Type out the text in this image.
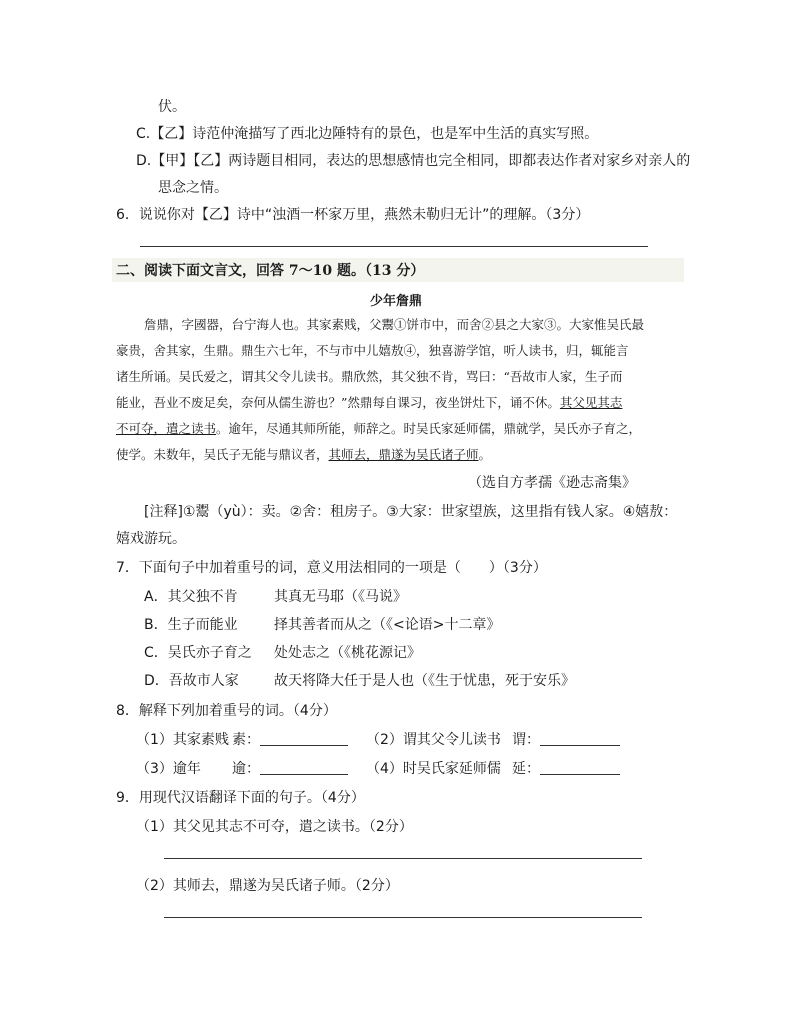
伏。
C.【乙】诗范仲淹描写了西北边陲特有的景色，也是军中生活的真实写照。
D.【甲】【乙】两诗题目相同，表达的思想感情也完全相同，即都表达作者对家乡对亲人的
思念之情。
6．说说你对【乙】诗中“浊酒一杯家万里，燕然未勒归无计”的理解。（3分）
二、阅读下面文言文，回答 7～10 题。（13 分）
少年詹鼎
詹鼎，字國器，台宁海人也。其家素贱，父鬻①饼市中，而舍②县之大家③。大家惟吴氏最
豪贵，舍其家，生鼎。鼎生六七年，不与市中儿嬉敖④，独喜游学馆，听人读书，归，辄能言
诸生所诵。吴氏爱之，谓其父令儿读书。鼎欣然，其父独不肯，骂曰：“吾故市人家，生子而
能业，吾业不废足矣，奈何从儒生游也？”然鼎每自课习，夜坐饼灶下，诵不休。其父见其志
不可夺，遣之读书。逾年，尽通其师所能，师辞之。时吴氏家延师儒，鼎就学，吴氏亦子育之，
使学。未数年，吴氏子无能与鼎议者，其师去，鼎遂为吴氏诸子师。
（选自方孝孺《逊志斋集》
[注释]①鬻（yù）：卖。②舍：租房子。③大家：世家望族，这里指有钱人家。④嬉敖：
嬉戏游玩。
7．下面句子中加着重号的词，意义用法相同的一项是（　　）（3分）
A．其父独不肯	其真无马耶（《马说》
B．生子而能业	择其善者而从之（《<论语>十二章》
C．吴氏亦子育之 处处志之（《桃花源记》
D．吾故市人家	故天将降大任于是人也（《生于忧患，死于安乐》
8．解释下列加着重号的词。（4分）
（1）其家素贱 素：	（2）谓其父令儿读书 谓：
（3）逾年 逾：	（4）时吴氏家延师儒 延：
9．用现代汉语翻译下面的句子。（4分）
（1）其父见其志不可夺，遣之读书。（2分）
（2）其师去，鼎遂为吴氏诸子师。（2分）
